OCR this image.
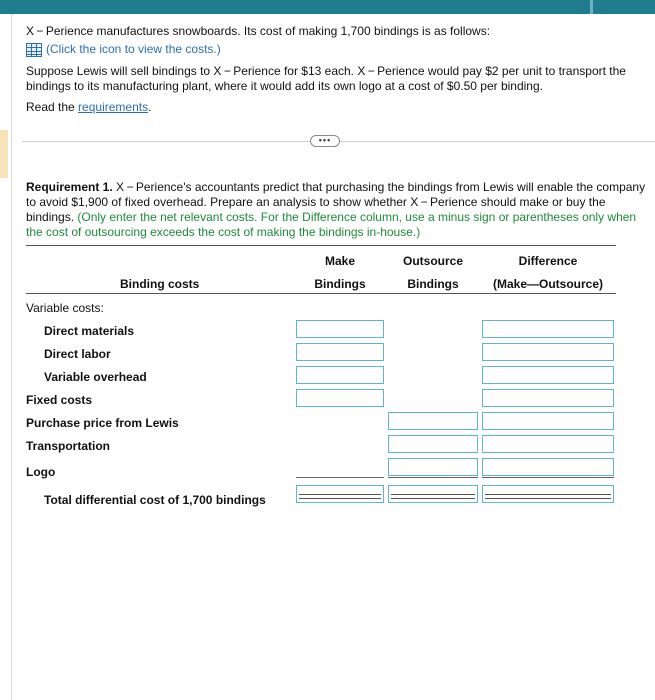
X − Perience manufactures snowboards. Its cost of making 1,700 bindings is as follows:
(Click the icon to view the costs.)
Suppose Lewis will sell bindings to X − Perience for $13 each. X − Perience would pay $2 per unit to transport the bindings to its manufacturing plant, where it would add its own logo at a cost of $0.50 per binding.
Read the requirements.
•••
Requirement 1. X − Perience's accountants predict that purchasing the bindings from Lewis will enable the company to avoid $1,900 of fixed overhead. Prepare an analysis to show whether X − Perience should make or buy the bindings. (Only enter the net relevant costs. For the Difference column, use a minus sign or parentheses only when the cost of outsourcing exceeds the cost of making the bindings in-house.)
Make
Bindings
Outsource
Bindings
Difference
(Make—Outsource)
Binding costs
Variable costs:
Direct materials
Direct labor
Variable overhead
Fixed costs
Purchase price from Lewis
Transportation
Logo
Total differential cost of 1,700 bindings
